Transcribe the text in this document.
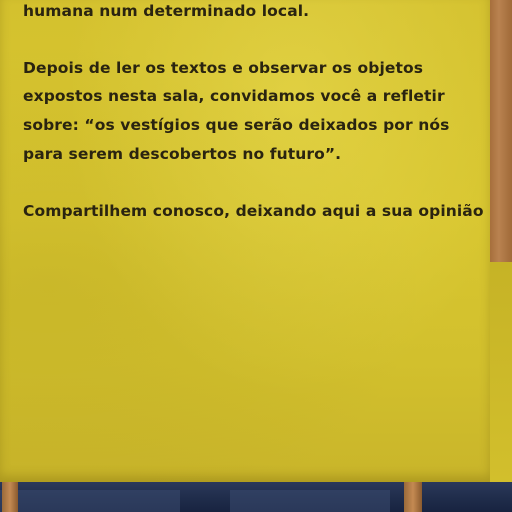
humana num determinado local.
Depois de ler os textos e observar os objetos
expostos nesta sala, convidamos você a refletir
sobre: “os vestígios que serão deixados por nós
para serem descobertos no futuro”.
Compartilhem conosco, deixando aqui a sua opinião
